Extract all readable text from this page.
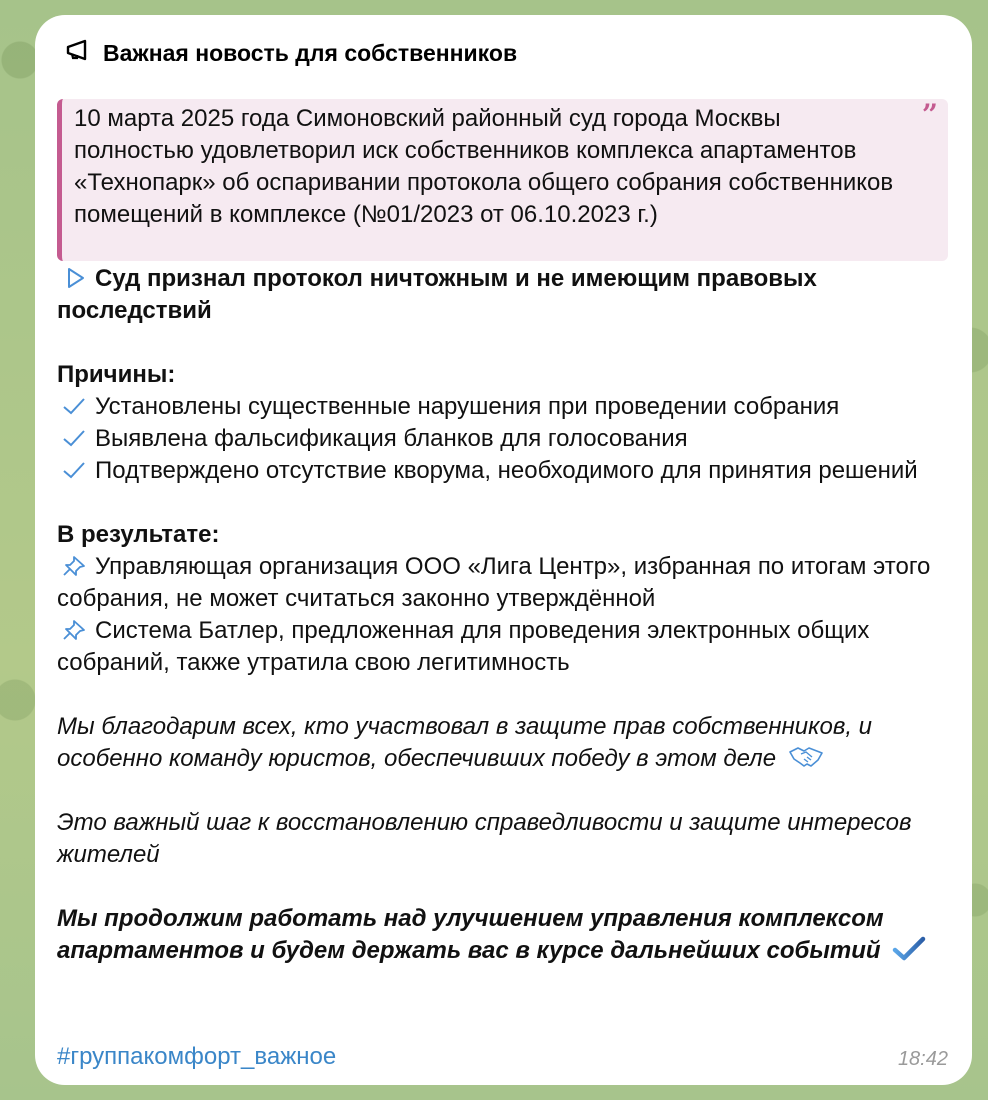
Важная новость для собственников
10 марта 2025 года Симоновский районный суд города Москвы полностью удовлетворил иск собственников комплекса апартаментов «Технопарк» об оспаривании протокола общего собрания собственников помещений в комплексе (№01/2023 от 06.10.2023 г.)
”
Суд признал протокол ничтожным и не имеющим правовых последствий
Причины:
Установлены существенные нарушения при проведении собрания
Выявлена фальсификация бланков для голосования
Подтверждено отсутствие кворума, необходимого для принятия решений
В результате:
Управляющая организация ООО «Лига Центр», избранная по итогам этого собрания, не может считаться законно утверждённой
Система Батлер, предложенная для проведения электронных общих собраний, также утратила свою легитимность
Мы благодарим всех, кто участвовал в защите прав собственников, и особенно команду юристов, обеспечивших победу в этом деле
Это важный шаг к восстановлению справедливости и защите интересов жителей
Мы продолжим работать над улучшением управления комплексом апартаментов и будем держать вас в курсе дальнейших событий
#группакомфорт_важное	18:42
